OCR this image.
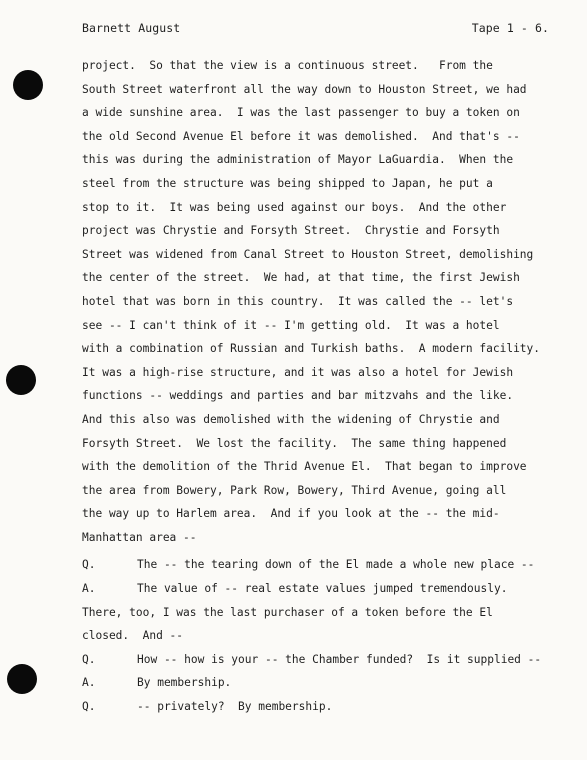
Barnett August	Tape 1 - 6.
project.  So that the view is a continuous street.   From the
South Street waterfront all the way down to Houston Street, we had
a wide sunshine area.  I was the last passenger to buy a token on
the old Second Avenue El before it was demolished.  And that's --
this was during the administration of Mayor LaGuardia.  When the
steel from the structure was being shipped to Japan, he put a
stop to it.  It was being used against our boys.  And the other
project was Chrystie and Forsyth Street.  Chrystie and Forsyth
Street was widened from Canal Street to Houston Street, demolishing
the center of the street.  We had, at that time, the first Jewish
hotel that was born in this country.  It was called the -- let's
see -- I can't think of it -- I'm getting old.  It was a hotel
with a combination of Russian and Turkish baths.  A modern facility.
It was a high-rise structure, and it was also a hotel for Jewish
functions -- weddings and parties and bar mitzvahs and the like.
And this also was demolished with the widening of Chrystie and
Forsyth Street.  We lost the facility.  The same thing happened
with the demolition of the Thrid Avenue El.  That began to improve
the area from Bowery, Park Row, Bowery, Third Avenue, going all
the way up to Harlem area.  And if you look at the -- the mid-
Manhattan area --
Q.	The -- the tearing down of the El made a whole new place --
A.	The value of -- real estate values jumped tremendously.
There, too, I was the last purchaser of a token before the El
closed.  And --
Q.	How -- how is your -- the Chamber funded?  Is it supplied --
A.	By membership.
Q.	-- privately?  By membership.
